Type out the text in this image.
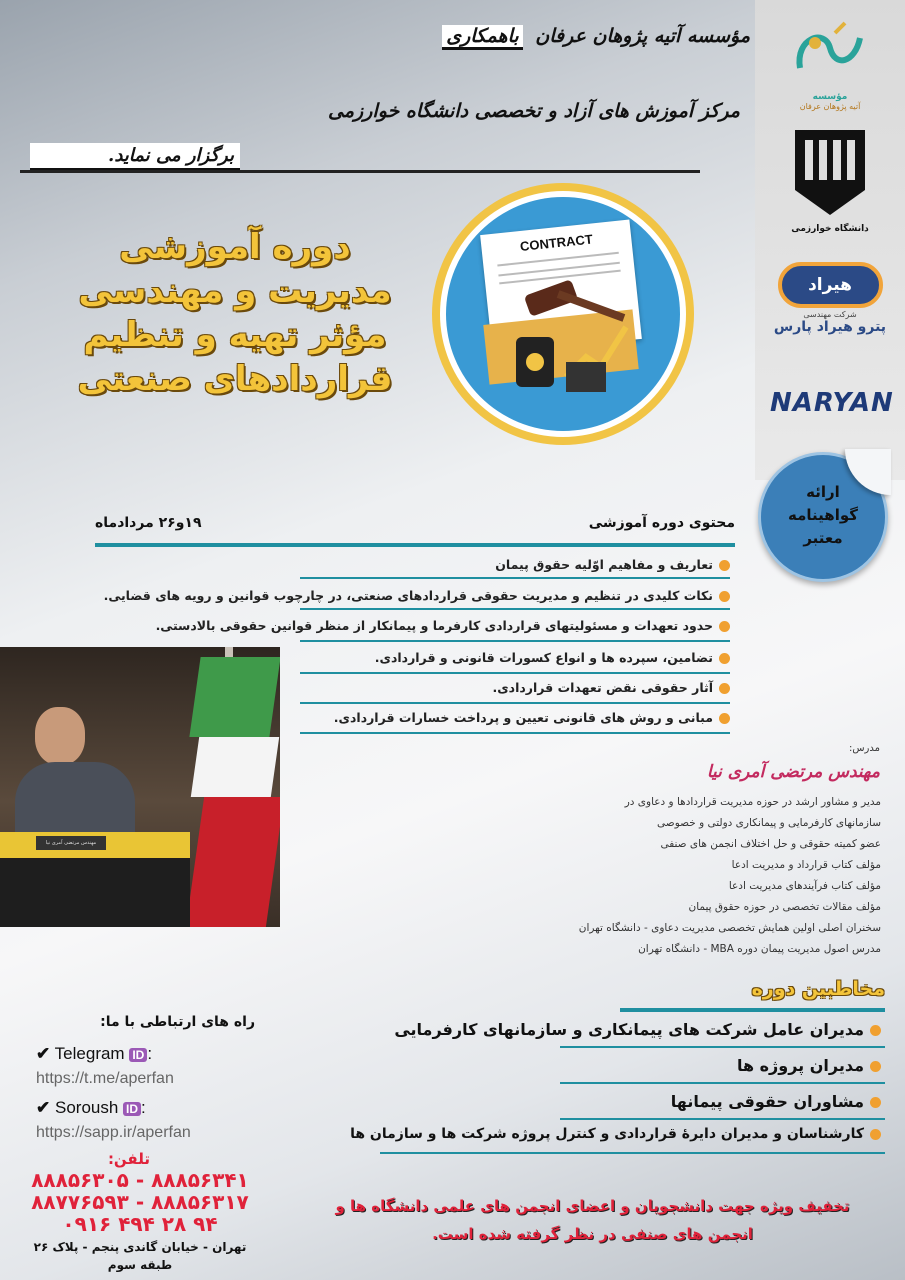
مؤسسه
آتیه پژوهان عرفان
دانشگاه خوارزمی
هیراد
شرکت مهندسی
پترو هیراد پارس
NARYAN
ارائه
گواهینامه
معتبر
مؤسسه آتیه پژوهان عرفان باهمکاری
مرکز آموزش های آزاد و تخصصی دانشگاه خوارزمی
برگزار می نماید.
دوره آموزشی
مدیریت و مهندسی
مؤثر تهیه و تنظیم
قراردادهای صنعتی
CONTRACT
محتوی دوره آموزشی
۱۹و۲۶ مردادماه
تعاریف و مفاهیم اوّلیه حقوق پیمان
نکات کلیدی در تنظیم و مدیریت حقوقی قراردادهای صنعتی، در چارچوب قوانین و رویه های قضایی.
حدود تعهدات و مسئولیتهای قراردادی کارفرما و پیمانکار از منظر قوانین حقوقی بالادستی.
تضامین، سپرده ها و انواع کسورات قانونی و قراردادی.
آثار حقوقی نقض تعهدات قراردادی.
مبانی و روش های قانونی تعیین و پرداخت خسارات قراردادی.
مهندس مرتضی آمری نیا
مدرس:
مهندس مرتضی آمری نیا
مدیر و مشاور ارشد در حوزه مدیریت قراردادها و دعاوی در
سازمانهای کارفرمایی و پیمانکاری دولتی و خصوصی
عضو کمیته حقوقی و حل اختلاف انجمن های صنفی
مؤلف کتاب قرارداد و مدیریت ادعا
مؤلف کتاب فرآیندهای مدیریت ادعا
مؤلف مقالات تخصصی در حوزه حقوق پیمان
سخنران اصلی اولین همایش تخصصی مدیریت دعاوی - دانشگاه تهران
مدرس اصول مدیریت پیمان دوره MBA - دانشگاه تهران
مخاطبین دوره
مدیران عامل شرکت های پیمانکاری و سازمانهای کارفرمایی
مدیران پروژه ها
مشاوران حقوقی پیمانها
کارشناسان و مدیران دایرهٔ قراردادی و کنترل پروژه شرکت ها و سازمان ها
راه های ارتباطی با ما:
✔ Telegram ID :
https://t.me/aperfan
✔ Soroush ID :
https://sapp.ir/aperfan
تلفن:
۸۸۸۵۶۳۰۵ - ۸۸۸۵۶۳۴۱
۸۸۷۷۶۵۹۳ - ۸۸۸۵۶۳۱۷
۰۹۱۶ ۴۹۴ ۲۸ ۹۴
تهران - خیابان گاندی پنجم - پلاک ۲۶
طبقه سوم
تخفیف ویژه جهت دانشجویان و اعضای انجمن های علمی دانشگاه ها و
انجمن های صنفی در نظر گرفته شده است.
